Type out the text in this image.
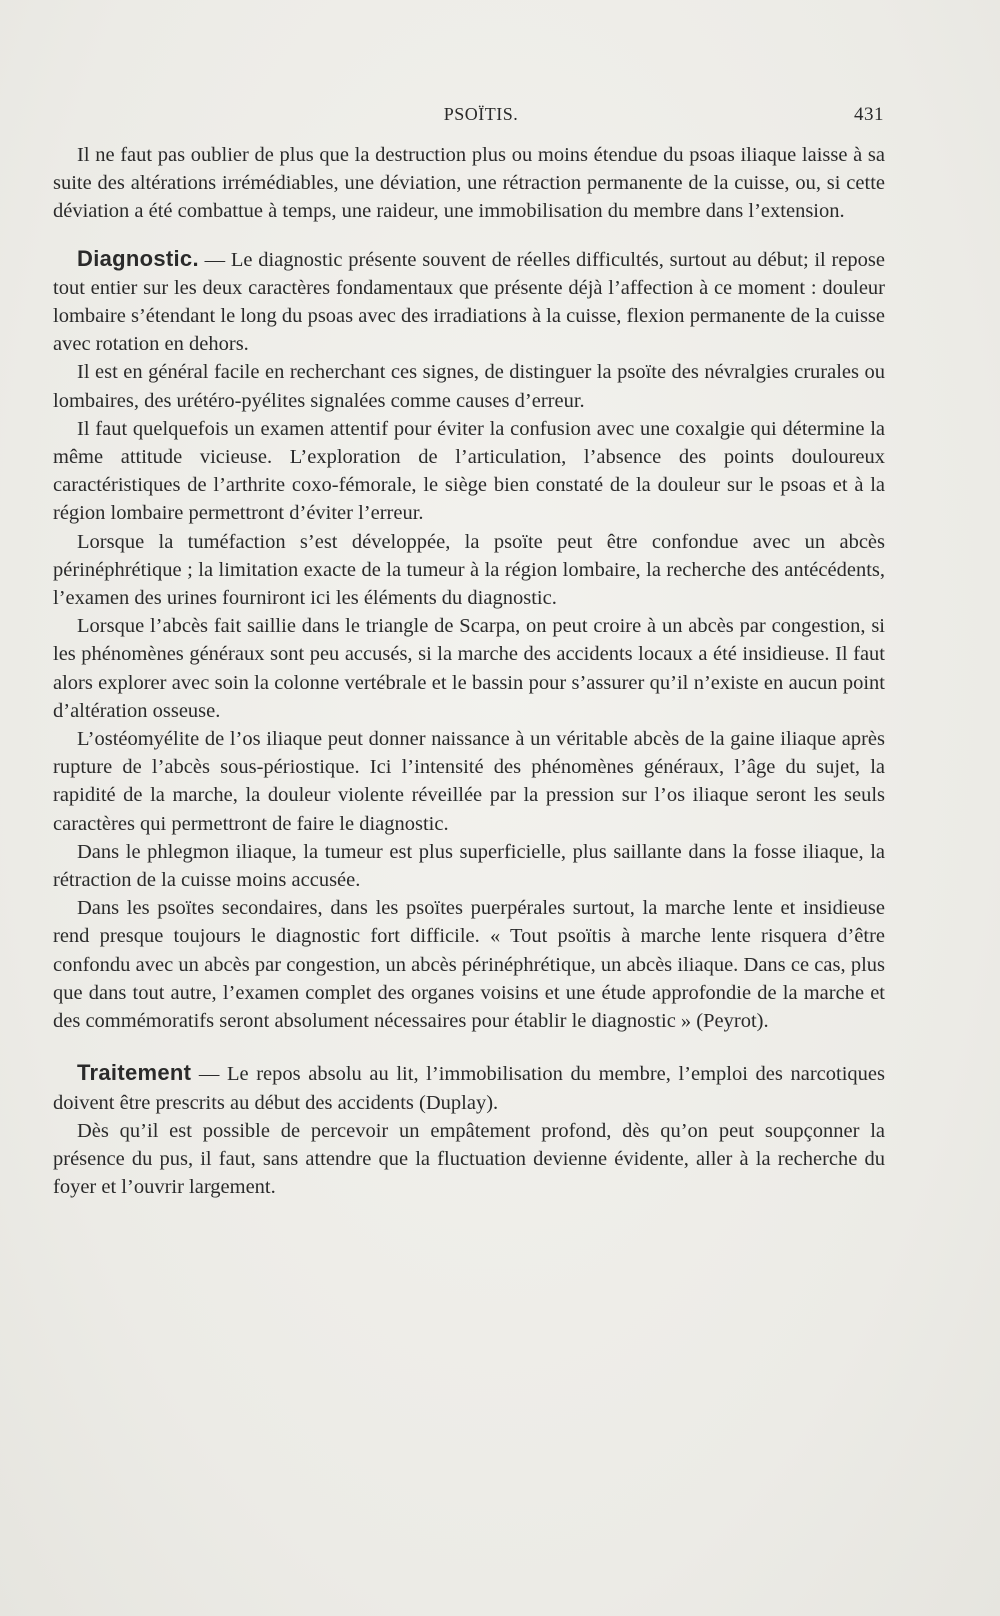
PSOÏTIS.	431

Il ne faut pas oublier de plus que la destruction plus ou moins étendue du psoas iliaque laisse à sa suite des altérations irrémédiables, une déviation, une rétraction permanente de la cuisse, ou, si cette déviation a été combattue à temps, une raideur, une immobilisation du membre dans l’extension.

Diagnostic. — Le diagnostic présente souvent de réelles difficultés, surtout au début; il repose tout entier sur les deux caractères fondamentaux que présente déjà l’affection à ce moment : douleur lombaire s’étendant le long du psoas avec des irradiations à la cuisse, flexion permanente de la cuisse avec rotation en dehors.

Il est en général facile en recherchant ces signes, de distinguer la psoïte des névralgies crurales ou lombaires, des urétéro-pyélites signalées comme causes d’erreur.

Il faut quelquefois un examen attentif pour éviter la confusion avec une coxalgie qui détermine la même attitude vicieuse. L’exploration de l’articulation, l’absence des points douloureux caractéristiques de l’arthrite coxo-fémorale, le siège bien constaté de la douleur sur le psoas et à la région lombaire permettront d’éviter l’erreur.

Lorsque la tuméfaction s’est développée, la psoïte peut être confondue avec un abcès périnéphrétique ; la limitation exacte de la tumeur à la région lombaire, la recherche des antécédents, l’examen des urines fourniront ici les éléments du diagnostic.

Lorsque l’abcès fait saillie dans le triangle de Scarpa, on peut croire à un abcès par congestion, si les phénomènes généraux sont peu accusés, si la marche des accidents locaux a été insidieuse. Il faut alors explorer avec soin la colonne vertébrale et le bassin pour s’assurer qu’il n’existe en aucun point d’altération osseuse.

L’ostéomyélite de l’os iliaque peut donner naissance à un véritable abcès de la gaine iliaque après rupture de l’abcès sous-périostique. Ici l’intensité des phénomènes généraux, l’âge du sujet, la rapidité de la marche, la douleur violente réveillée par la pression sur l’os iliaque seront les seuls caractères qui permettront de faire le diagnostic.

Dans le phlegmon iliaque, la tumeur est plus superficielle, plus saillante dans la fosse iliaque, la rétraction de la cuisse moins accusée.

Dans les psoïtes secondaires, dans les psoïtes puerpérales surtout, la marche lente et insidieuse rend presque toujours le diagnostic fort difficile. « Tout psoïtis à marche lente risquera d’être confondu avec un abcès par congestion, un abcès périnéphrétique, un abcès iliaque. Dans ce cas, plus que dans tout autre, l’examen complet des organes voisins et une étude approfondie de la marche et des commémoratifs seront absolument nécessaires pour établir le diagnostic » (Peyrot).

Traitement — Le repos absolu au lit, l’immobilisation du membre, l’emploi des narcotiques doivent être prescrits au début des accidents (Duplay).

Dès qu’il est possible de percevoir un empâtement profond, dès qu’on peut soupçonner la présence du pus, il faut, sans attendre que la fluctuation devienne évidente, aller à la recherche du foyer et l’ouvrir largement.
